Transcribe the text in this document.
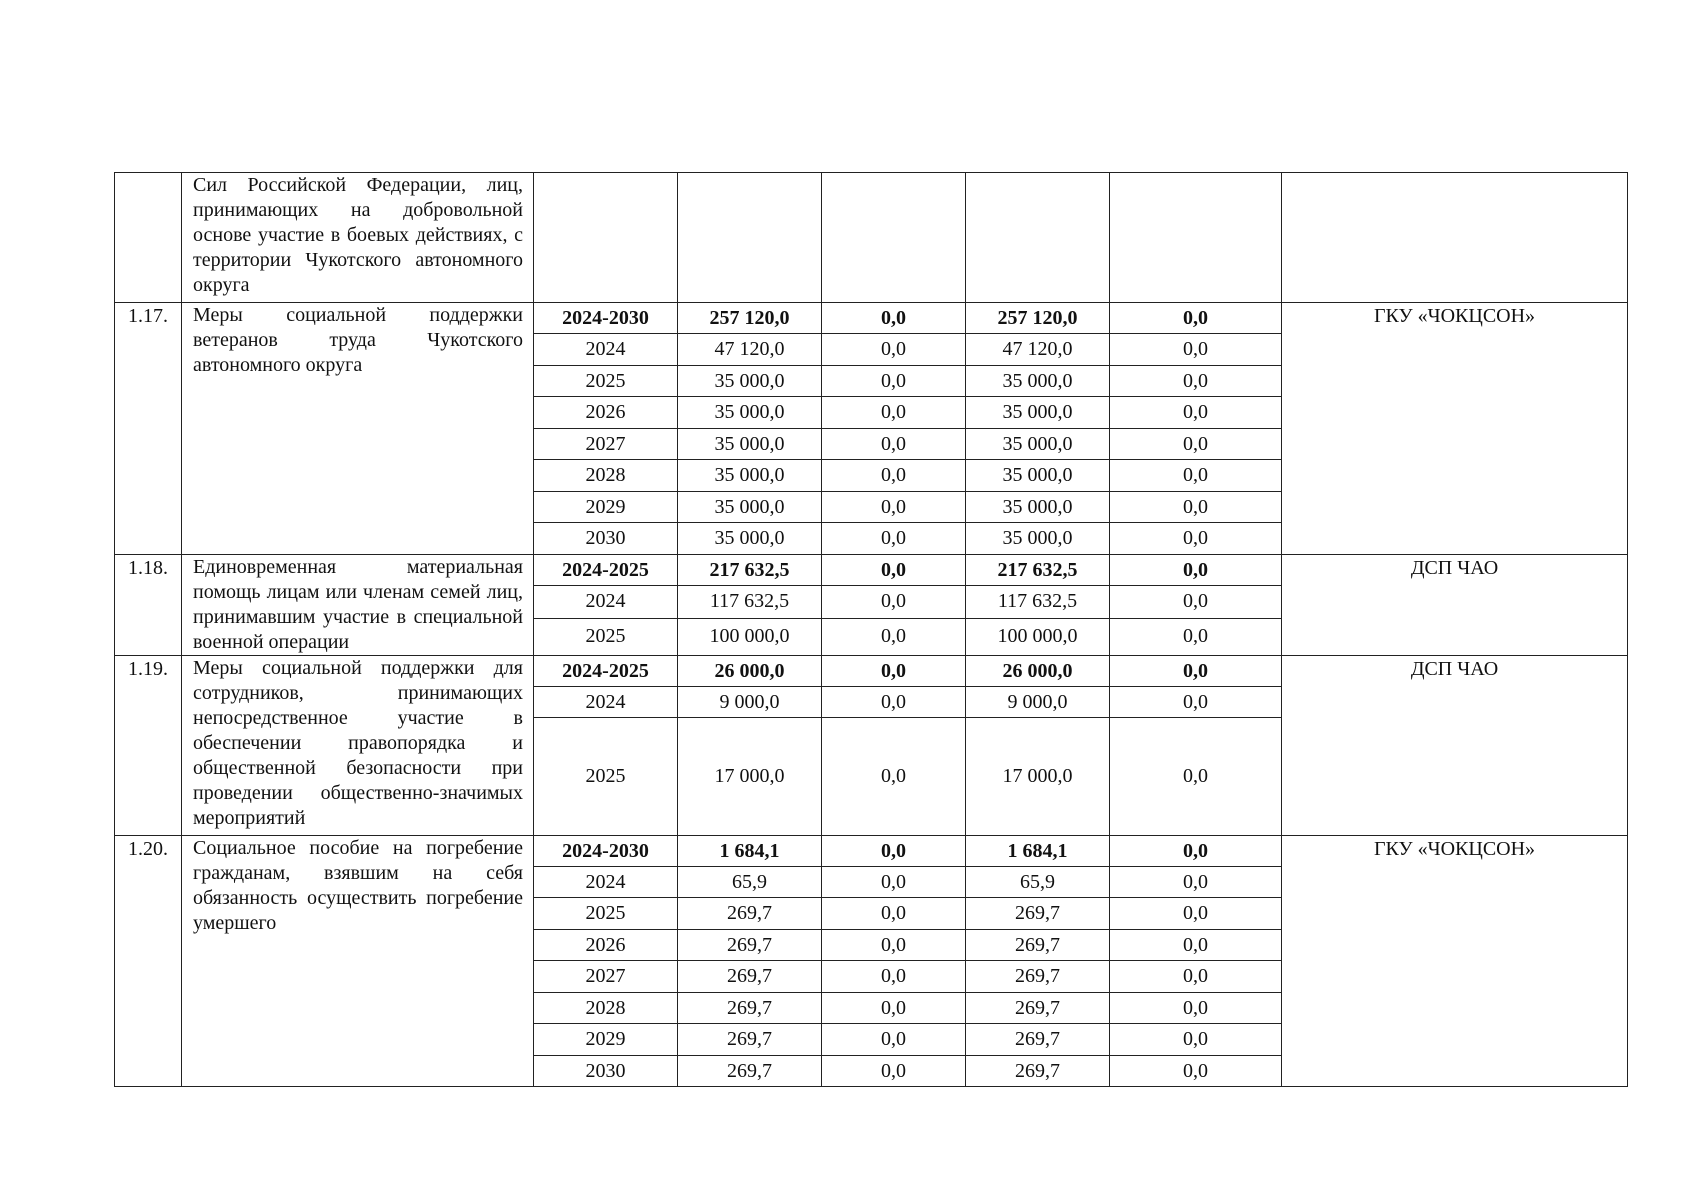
	Сил Российской Федерации, лиц, принимающих на добровольной основе участие в боевых действиях, с территории Чукотского автономного округа						
1.17.	Меры социальной поддержки ветеранов труда Чукотского автономного округа	2024-2030	257 120,0	0,0	257 120,0	0,0	ГКУ «ЧОКЦСОН»
		2024	47 120,0	0,0	47 120,0	0,0	
		2025	35 000,0	0,0	35 000,0	0,0	
		2026	35 000,0	0,0	35 000,0	0,0	
		2027	35 000,0	0,0	35 000,0	0,0	
		2028	35 000,0	0,0	35 000,0	0,0	
		2029	35 000,0	0,0	35 000,0	0,0	
		2030	35 000,0	0,0	35 000,0	0,0	
1.18.	Единовременная материальная помощь лицам или членам семей лиц, принимавшим участие в специальной военной операции	2024-2025	217 632,5	0,0	217 632,5	0,0	ДСП ЧАО
		2024	117 632,5	0,0	117 632,5	0,0	
		2025	100 000,0	0,0	100 000,0	0,0	
1.19.	Меры социальной поддержки для сотрудников, принимающих непосредственное участие в обеспечении правопорядка и общественной безопасности при проведении общественно-значимых мероприятий	2024-2025	26 000,0	0,0	26 000,0	0,0	ДСП ЧАО
		2024	9 000,0	0,0	9 000,0	0,0	
		2025	17 000,0	0,0	17 000,0	0,0	
1.20.	Социальное пособие на погребение гражданам, взявшим на себя обязанность осуществить погребение умершего	2024-2030	1 684,1	0,0	1 684,1	0,0	ГКУ «ЧОКЦСОН»
		2024	65,9	0,0	65,9	0,0	
		2025	269,7	0,0	269,7	0,0	
		2026	269,7	0,0	269,7	0,0	
		2027	269,7	0,0	269,7	0,0	
		2028	269,7	0,0	269,7	0,0	
		2029	269,7	0,0	269,7	0,0	
		2030	269,7	0,0	269,7	0,0	
